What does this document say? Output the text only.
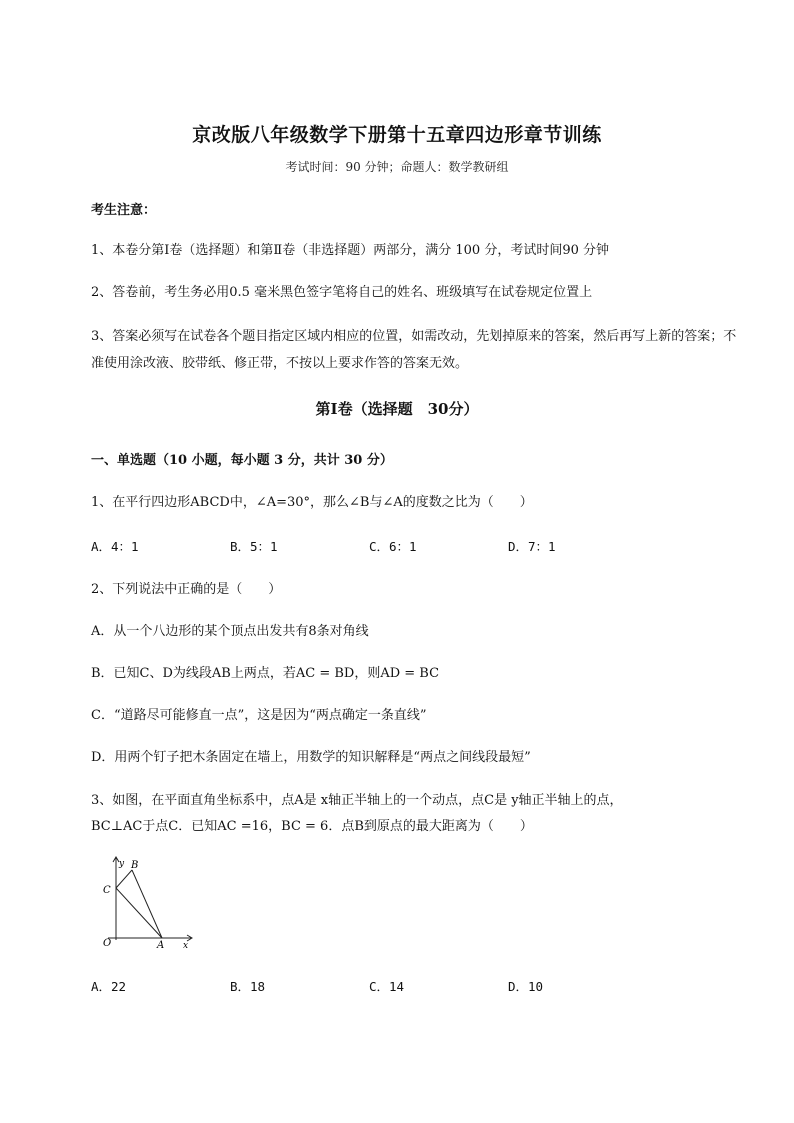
京改版八年级数学下册第十五章四边形章节训练
考试时间：90 分钟；命题人：数学教研组
考生注意：
1、本卷分第Ⅰ卷（选择题）和第Ⅱ卷（非选择题）两部分，满分 100 分，考试时间90 分钟
2、答卷前，考生务必用0.5 毫米黑色签字笔将自己的姓名、班级填写在试卷规定位置上
3、答案必须写在试卷各个题目指定区域内相应的位置，如需改动，先划掉原来的答案，然后再写上新的答案；不准使用涂改液、胶带纸、修正带，不按以上要求作答的答案无效。
第Ⅰ卷（选择题　30分）
一、单选题（10 小题，每小题 3 分，共计 30 分）
1、在平行四边形ABCD中，∠A=30°，那么∠B与∠A的度数之比为（　　）
A．4：1	B．5：1	C．6：1	D．7：1
2、下列说法中正确的是（　　）
A．从一个八边形的某个顶点出发共有8条对角线
B．已知C、D为线段AB上两点，若AC = BD，则AD = BC
C．“道路尽可能修直一点”，这是因为“两点确定一条直线”
D．用两个钉子把木条固定在墙上，用数学的知识解释是“两点之间线段最短”
3、如图，在平面直角坐标系中，点A是 x轴正半轴上的一个动点，点C是 y轴正半轴上的点，
BC⊥AC于点C．已知AC =16，BC = 6．点B到原点的最大距离为（　　）
y B
C
O	A x
A．22	B．18	C．14	D．10
